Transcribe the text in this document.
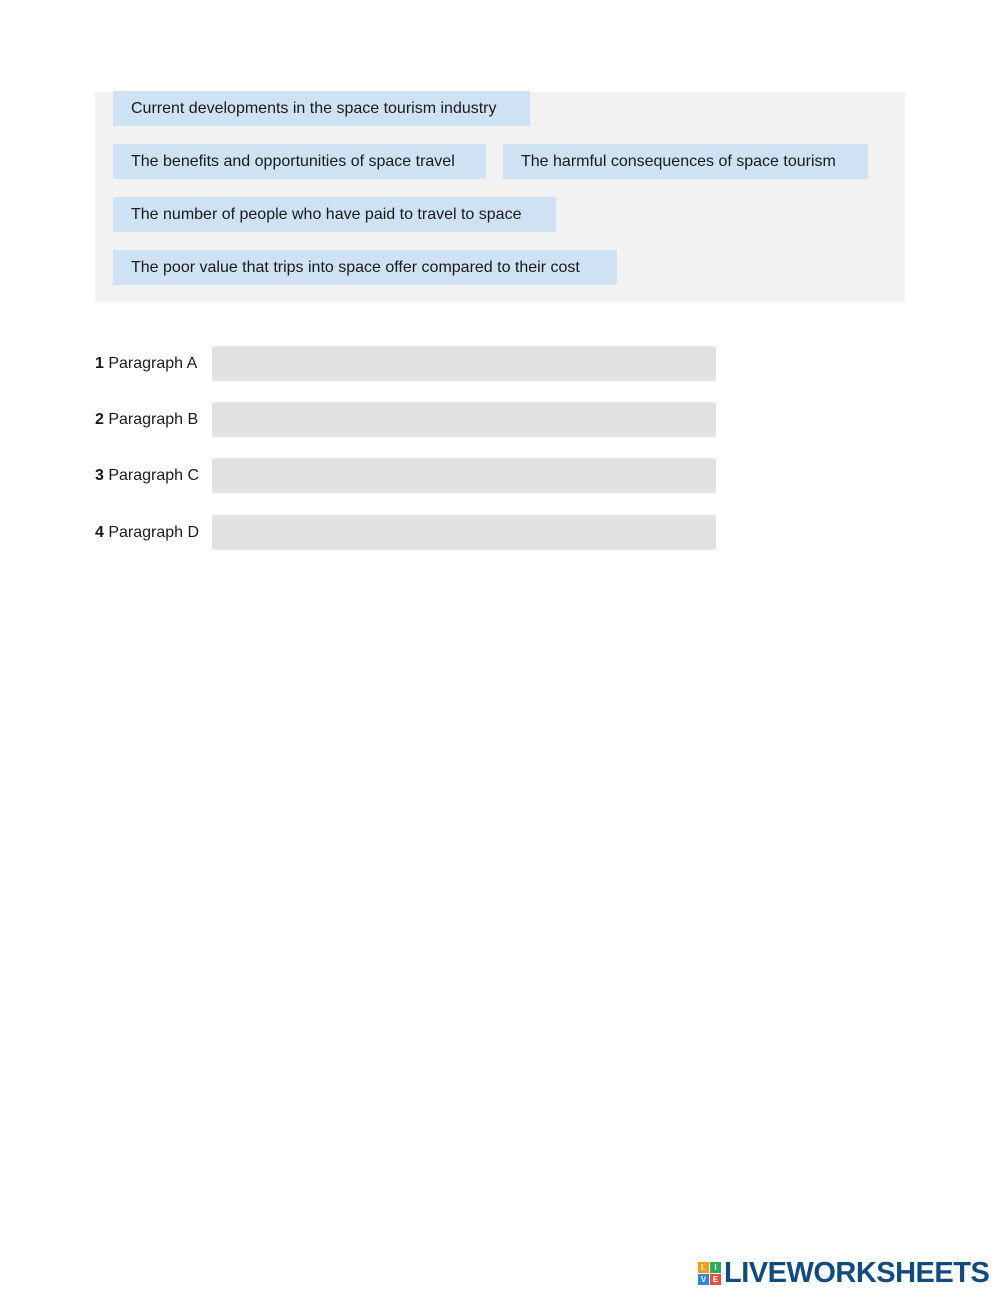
Current developments in the space tourism industry
The benefits and opportunities of space travel	The harmful consequences of space tourism
The number of people who have paid to travel to space
The poor value that trips into space offer compared to their cost
1 Paragraph A
2 Paragraph B
3 Paragraph C
4 Paragraph D
L	I
V E LIVEWORKSHEETS
